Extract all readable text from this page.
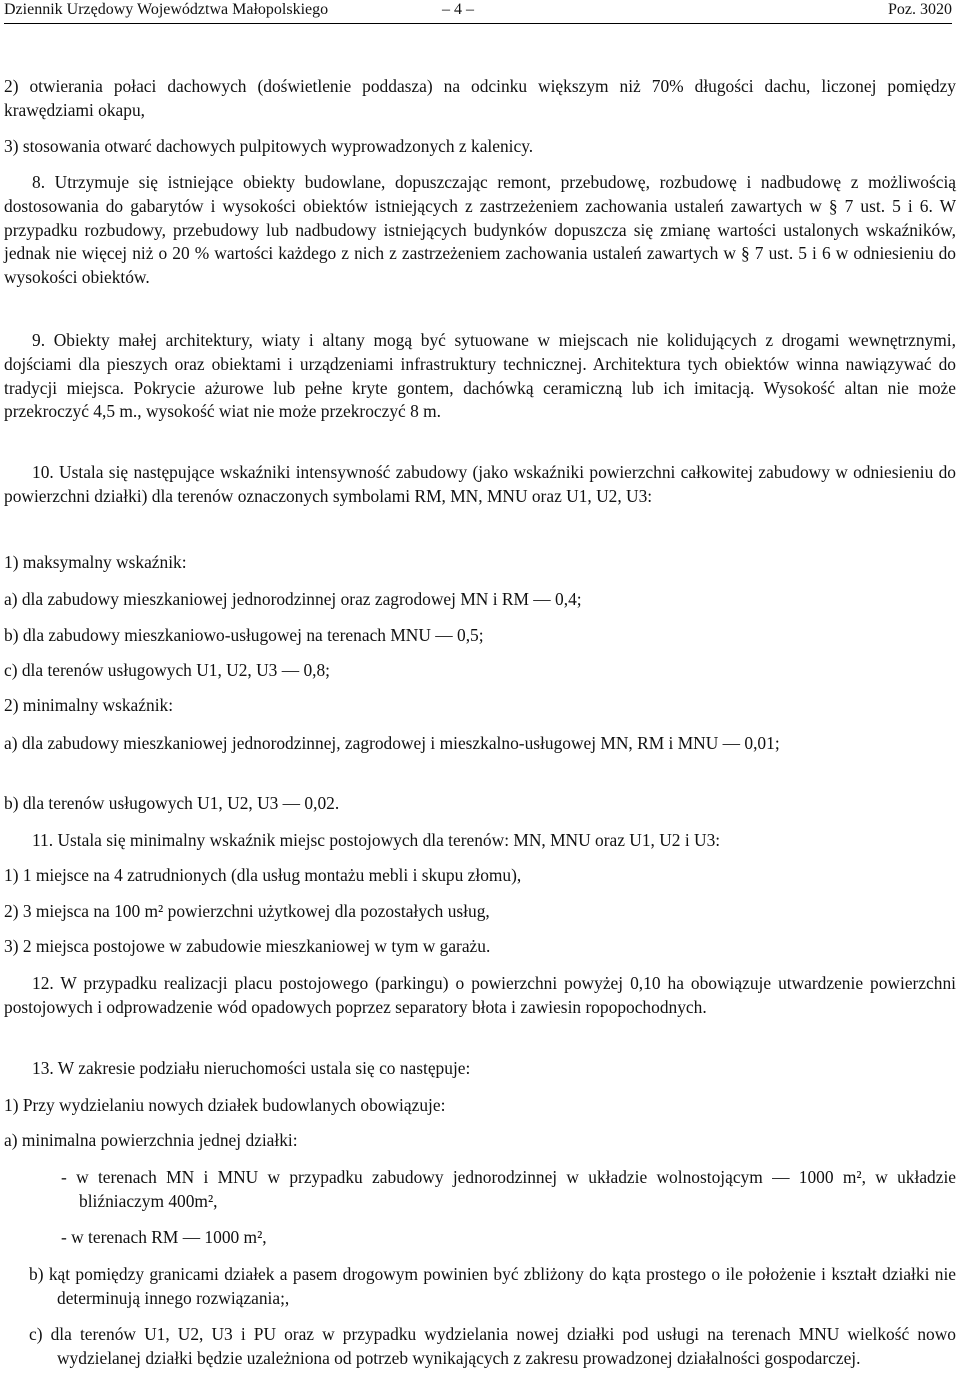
Dziennik Urzędowy Województwa Małopolskiego	– 4 –	Poz. 3020

2) otwierania połaci dachowych (doświetlenie poddasza) na odcinku większym niż 70% długości dachu, liczonej pomiędzy krawędziami okapu,

3) stosowania otwarć dachowych pulpitowych wyprowadzonych z kalenicy.

8. Utrzymuje się istniejące obiekty budowlane, dopuszczając remont, przebudowę, rozbudowę i nadbudowę z możliwością dostosowania do gabarytów i wysokości obiektów istniejących z zastrzeżeniem zachowania ustaleń zawartych w § 7 ust. 5 i 6. W przypadku rozbudowy, przebudowy lub nadbudowy istniejących budynków dopuszcza się zmianę wartości ustalonych wskaźników, jednak nie więcej niż o 20 % wartości każdego z nich z zastrzeżeniem zachowania ustaleń zawartych w § 7 ust. 5 i 6 w odniesieniu do wysokości obiektów.

9. Obiekty małej architektury, wiaty i altany mogą być sytuowane w miejscach nie kolidujących z drogami wewnętrznymi, dojściami dla pieszych oraz obiektami i urządzeniami infrastruktury technicznej. Architektura tych obiektów winna nawiązywać do tradycji miejsca. Pokrycie ażurowe lub pełne kryte gontem, dachówką ceramiczną lub ich imitacją. Wysokość altan nie może przekroczyć 4,5 m., wysokość wiat nie może przekroczyć 8 m.

10. Ustala się następujące wskaźniki intensywność zabudowy (jako wskaźniki powierzchni całkowitej zabudowy w odniesieniu do powierzchni działki) dla terenów oznaczonych symbolami RM, MN, MNU oraz U1, U2, U3:

1) maksymalny wskaźnik:

a) dla zabudowy mieszkaniowej jednorodzinnej oraz zagrodowej MN i RM — 0,4;

b) dla zabudowy mieszkaniowo-usługowej na terenach MNU — 0,5;

c) dla terenów usługowych U1, U2, U3 — 0,8;

2) minimalny wskaźnik:

a) dla zabudowy mieszkaniowej jednorodzinnej, zagrodowej i mieszkalno-usługowej MN, RM i MNU — 0,01;

b) dla terenów usługowych U1, U2, U3 — 0,02.

11. Ustala się minimalny wskaźnik miejsc postojowych dla terenów: MN, MNU oraz U1, U2 i U3:

1) 1 miejsce na 4 zatrudnionych (dla usług montażu mebli i skupu złomu),

2) 3 miejsca na 100 m² powierzchni użytkowej dla pozostałych usług,

3) 2 miejsca postojowe w zabudowie mieszkaniowej w tym w garażu.

12. W przypadku realizacji placu postojowego (parkingu) o powierzchni powyżej 0,10 ha obowiązuje utwardzenie powierzchni postojowych i odprowadzenie wód opadowych poprzez separatory błota i zawiesin ropopochodnych.

13. W zakresie podziału nieruchomości ustala się co następuje:

1) Przy wydzielaniu nowych działek budowlanych obowiązuje:

a) minimalna powierzchnia jednej działki:

- w terenach MN i MNU w przypadku zabudowy jednorodzinnej w układzie wolnostojącym — 1000 m², w układzie bliźniaczym 400m²,

- w terenach RM — 1000 m²,

b) kąt pomiędzy granicami działek a pasem drogowym powinien być zbliżony do kąta prostego o ile położenie i kształt działki nie determinują innego rozwiązania;,

c) dla terenów U1, U2, U3 i PU oraz w przypadku wydzielania nowej działki pod usługi na terenach MNU wielkość nowo wydzielanej działki będzie uzależniona od potrzeb wynikających z zakresu prowadzonej działalności gospodarczej.
